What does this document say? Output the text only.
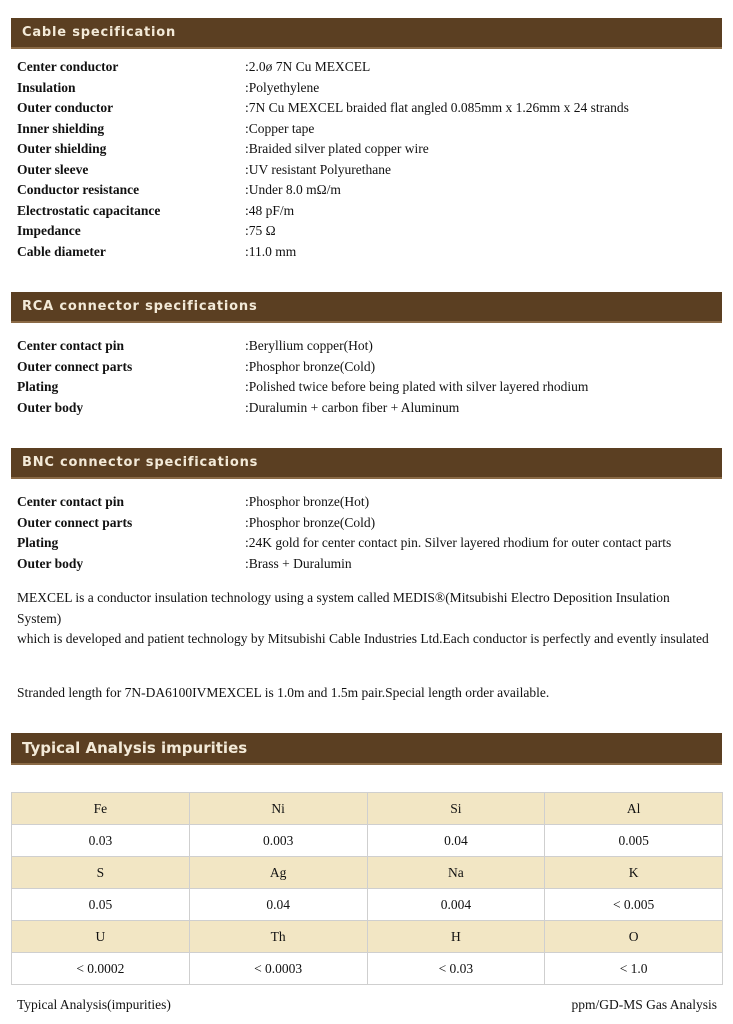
Cable specification
Center conductor	:2.0ø 7N Cu MEXCEL
Insulation	:Polyethylene
Outer conductor	:7N Cu MEXCEL braided flat angled 0.085mm x 1.26mm x 24 strands
Inner shielding	:Copper tape
Outer shielding	:Braided silver plated copper wire
Outer sleeve	:UV resistant Polyurethane
Conductor resistance	:Under 8.0 mΩ/m
Electrostatic capacitance	:48 pF/m
Impedance	:75 Ω
Cable diameter	:11.0 mm
RCA connector specifications
Center contact pin	:Beryllium copper(Hot)
Outer connect parts	:Phosphor bronze(Cold)
Plating	:Polished twice before being plated with silver layered rhodium
Outer body	:Duralumin + carbon fiber + Aluminum
BNC connector specifications
Center contact pin	:Phosphor bronze(Hot)
Outer connect parts	:Phosphor bronze(Cold)
Plating	:24K gold for center contact pin. Silver layered rhodium for outer contact parts
Outer body	:Brass + Duralumin
MEXCEL is a conductor insulation technology using a system called MEDIS®(Mitsubishi Electro Deposition Insulation System)
which is developed and patient technology by Mitsubishi Cable Industries Ltd.Each conductor is perfectly and evently insulated
Stranded length for 7N-DA6100IVMEXCEL is 1.0m and 1.5m pair.Special length order available.
Typical Analysis impurities
Fe	Ni	Si	Al
0.03	0.003	0.04	0.005
S	Ag	Na	K
0.05	0.04	0.004	< 0.005
U	Th	H	O
< 0.0002	< 0.0003	< 0.03	< 1.0
Typical Analysis(impurities)	ppm/GD-MS Gas Analysis
